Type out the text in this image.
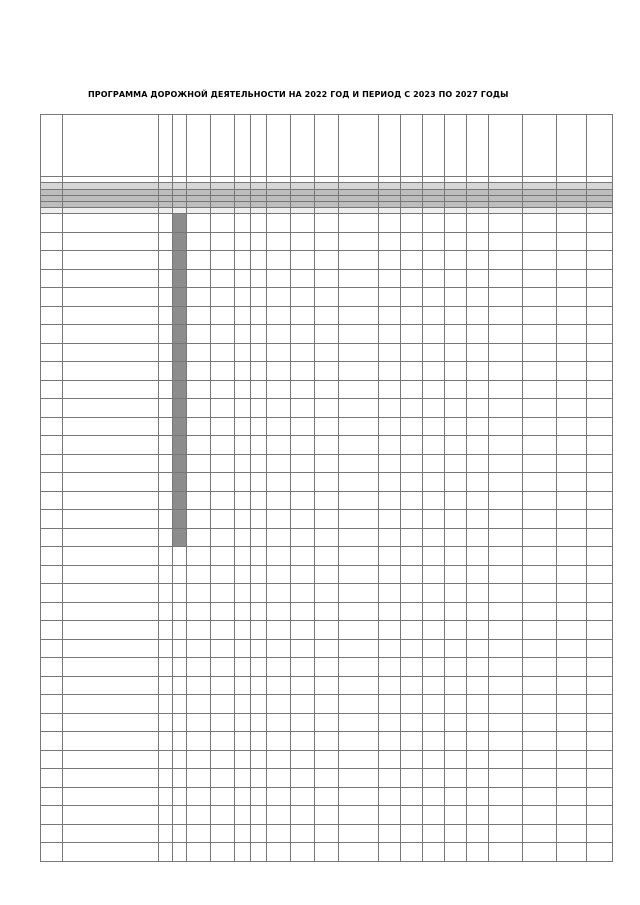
ПРОГРАММА ДОРОЖНОЙ ДЕЯТЕЛЬНОСТИ НА 2022 ГОД И ПЕРИОД С 2023 ПО 2027 ГОДЫ
